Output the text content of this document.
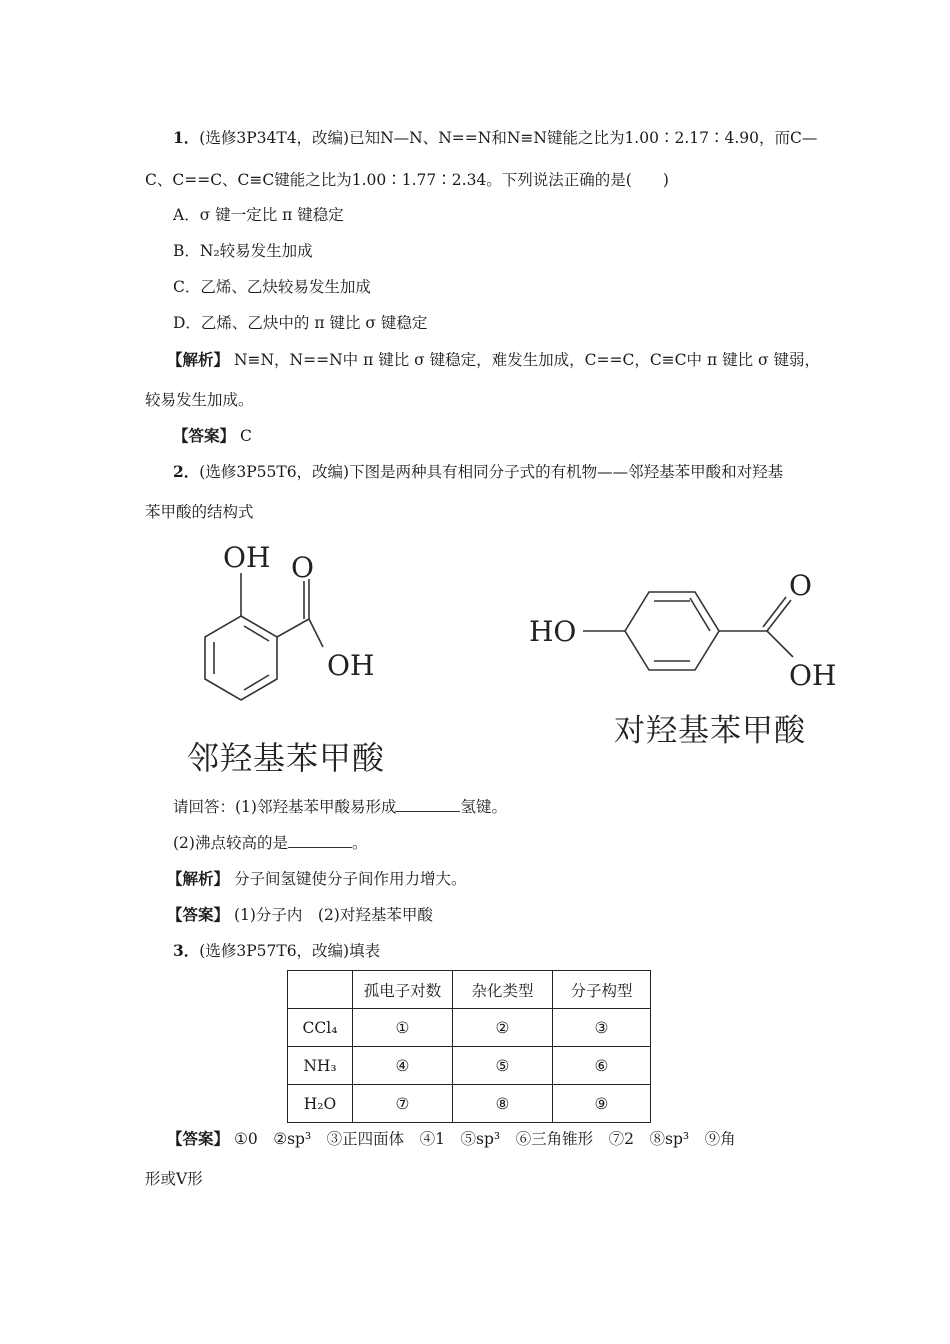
1．(选修3P34T4，改编)已知N—N、N==N和N≡N键能之比为1.00∶2.17∶4.90，而C—
C、C==C、C≡C键能之比为1.00∶1.77∶2.34。下列说法正确的是(　　)
A．σ 键一定比 π 键稳定
B．N₂较易发生加成
C．乙烯、乙炔较易发生加成
D．乙烯、乙炔中的 π 键比 σ 键稳定
【解析】 N≡N，N==N中 π 键比 σ 键稳定，难发生加成，C==C，C≡C中 π 键比 σ 键弱，
较易发生加成。
【答案】 C
2．(选修3P55T6，改编)下图是两种具有相同分子式的有机物——邻羟基苯甲酸和对羟基
苯甲酸的结构式
OH O
OH
邻羟基苯甲酸
HO
O
OH
对羟基苯甲酸
请回答：(1)邻羟基苯甲酸易形成	氢键。
(2)沸点较高的是	。
【解析】 分子间氢键使分子间作用力增大。
【答案】 (1)分子内　(2)对羟基苯甲酸
3．(选修3P57T6，改编)填表
	孤电子对数	杂化类型	分子构型
CCl₄	①	②	③
NH₃	④	⑤	⑥
H₂O	⑦	⑧	⑨
【答案】 ①0　②sp³　③正四面体　④1　⑤sp³　⑥三角锥形　⑦2　⑧sp³　⑨角
形或V形
